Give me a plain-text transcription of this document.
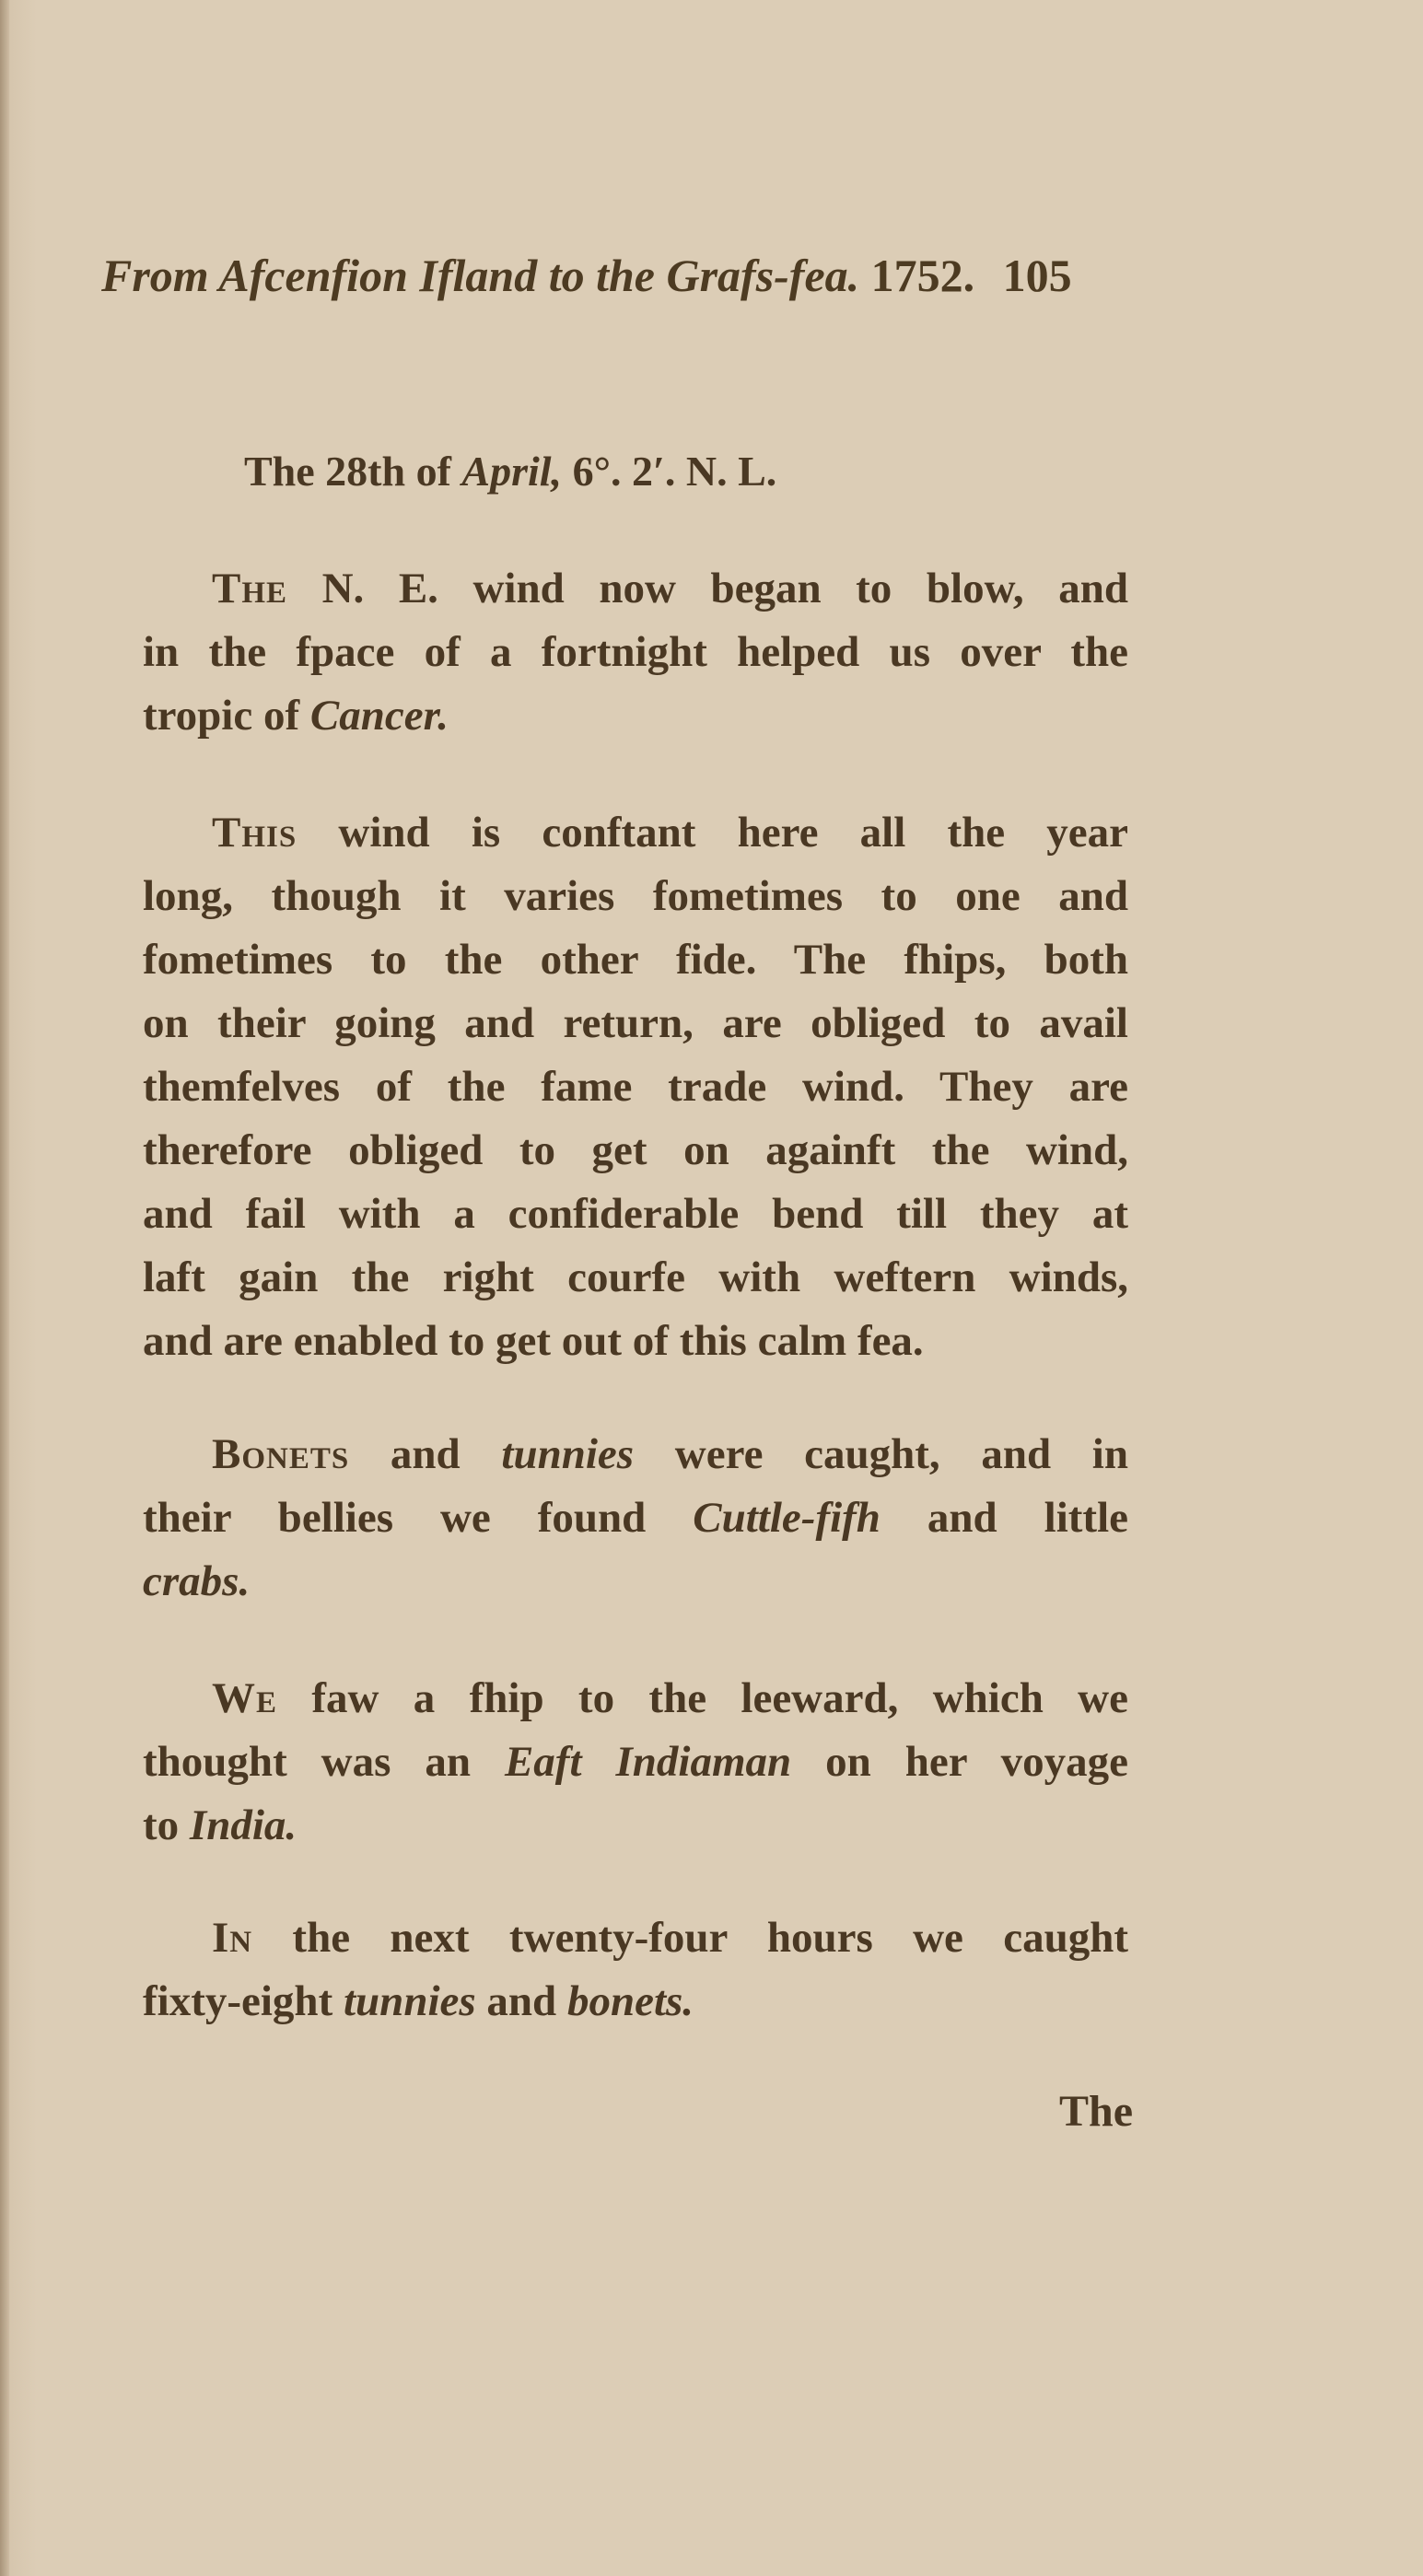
From Afcenfion Ifland to the Grafs-fea. 1752. 105
The 28th of April, 6°. 2′. N. L.
The N. E. wind now began to blow, and
in the fpace of a fortnight helped us over the
tropic of Cancer.
This wind is conftant here all the year
long, though it varies fometimes to one and
fometimes to the other fide. The fhips, both
on their going and return, are obliged to avail
themfelves of the fame trade wind. They are
therefore obliged to get on againft the wind,
and fail with a confiderable bend till they at
laft gain the right courfe with weftern winds,
and are enabled to get out of this calm fea.
Bonets and tunnies were caught, and in
their bellies we found Cuttle-fifh and little
crabs.
We faw a fhip to the leeward, which we
thought was an Eaft Indiaman on her voyage
to India.
In the next twenty-four hours we caught
fixty-eight tunnies and bonets.
The
